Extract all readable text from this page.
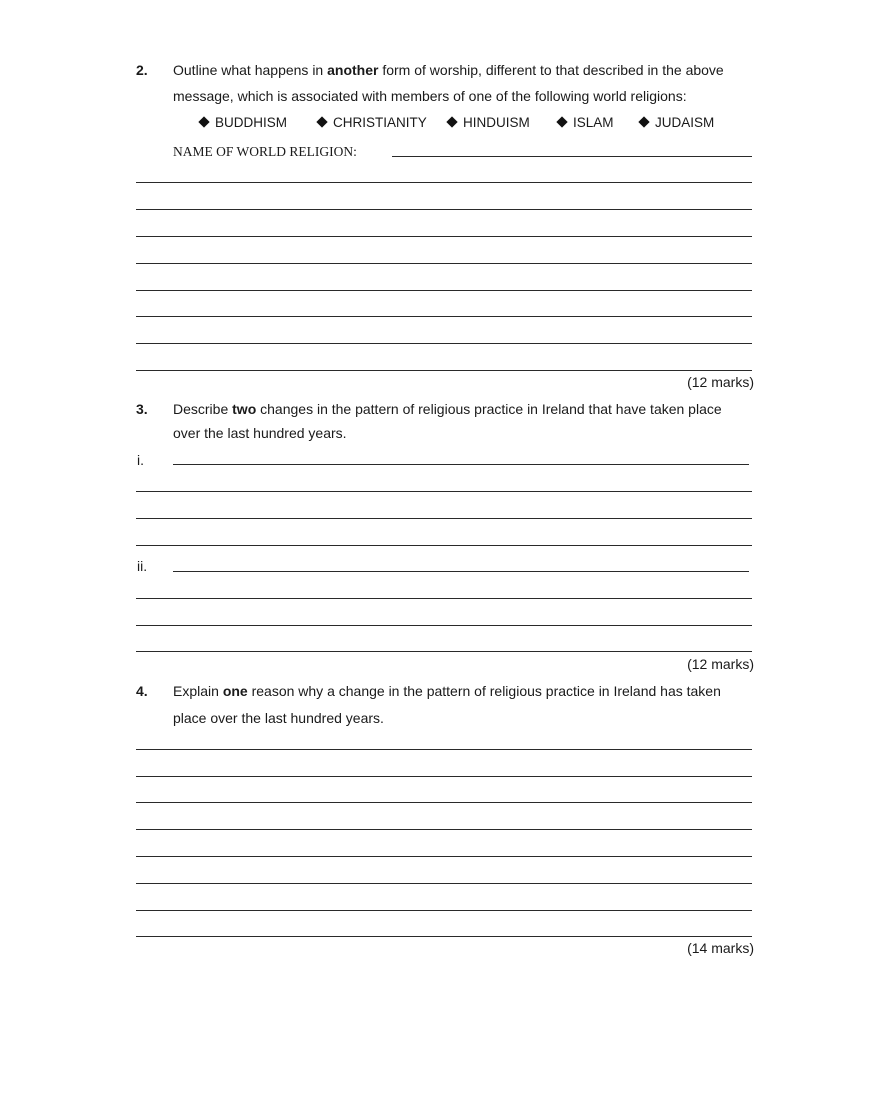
2. Outline what happens in another form of worship, different to that described in the above
message, which is associated with members of one of the following world religions:
BUDDHISM	CHRISTIANITY	HINDUISM	ISLAM	JUDAISM
NAME OF WORLD RELIGION:
(12 marks)
3. Describe two changes in the pattern of religious practice in Ireland that have taken place
over the last hundred years.
i.
ii.
(12 marks)
4. Explain one reason why a change in the pattern of religious practice in Ireland has taken
place over the last hundred years.
(14 marks)
